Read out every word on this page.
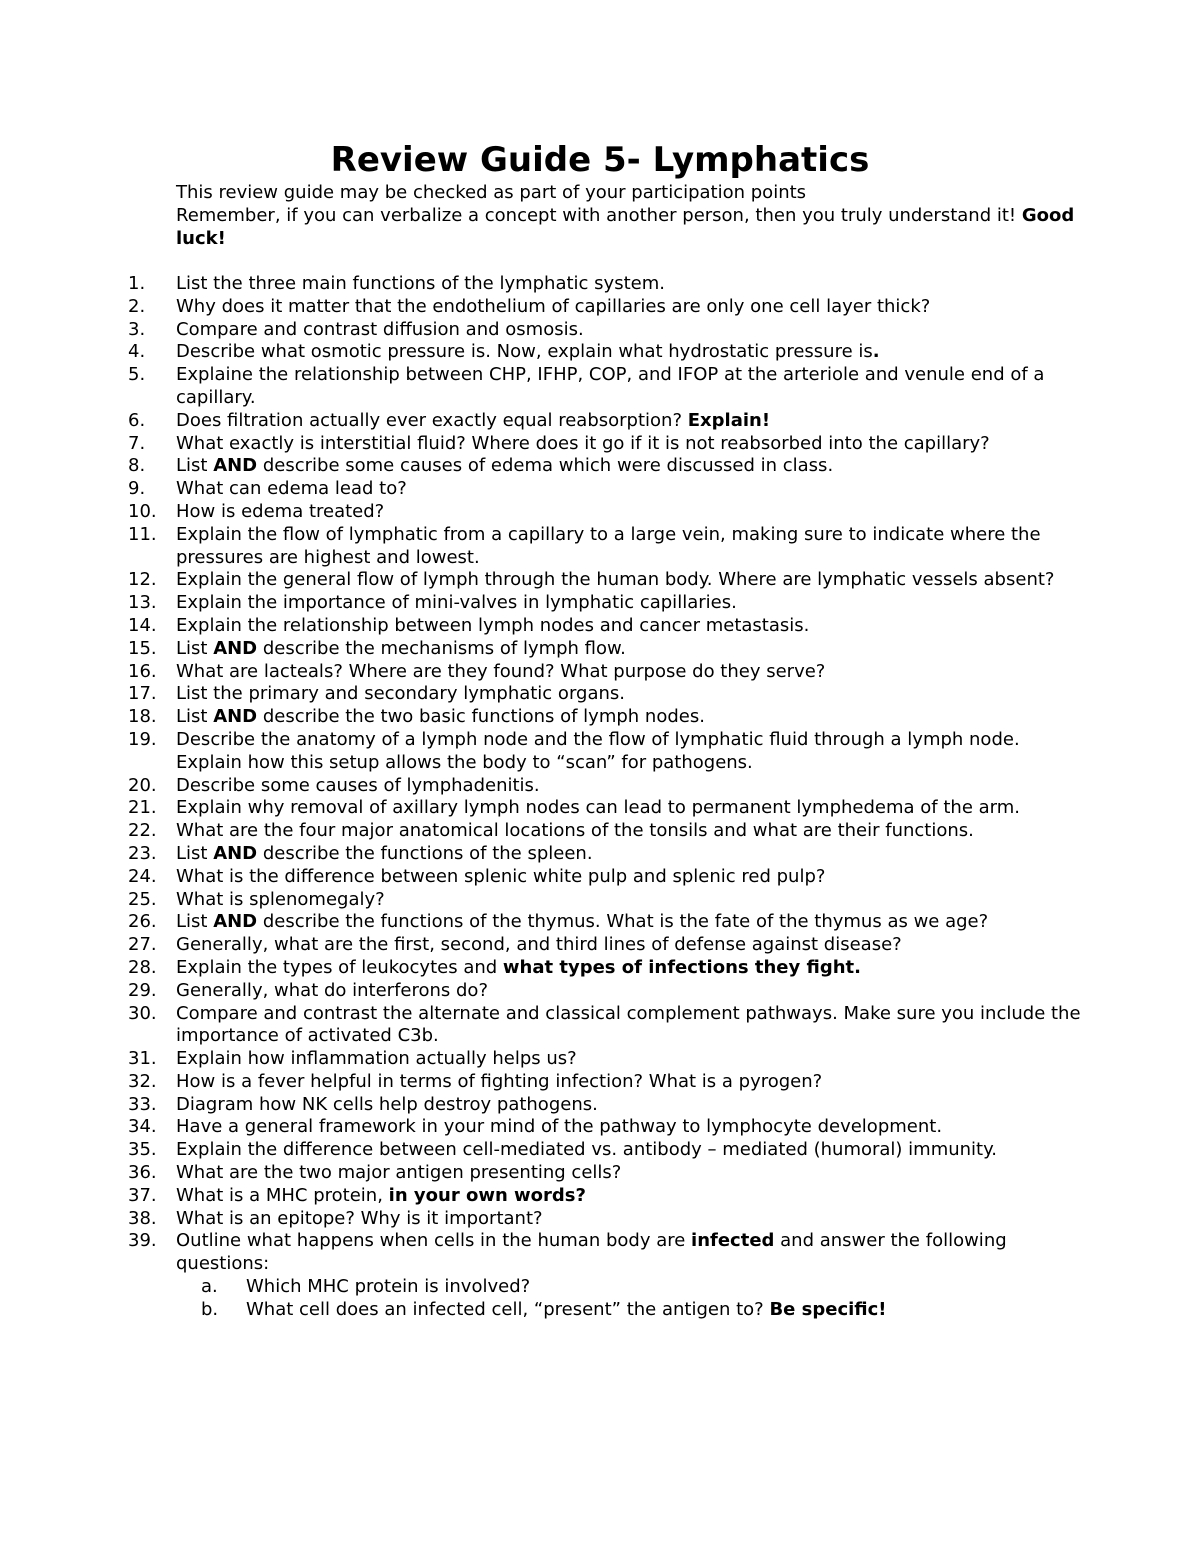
Review Guide 5- Lymphatics

This review guide may be checked as part of your participation points

Remember, if you can verbalize a concept with another person, then you truly understand it! Good luck!

1.	List the three main functions of the lymphatic system.
2.	Why does it matter that the endothelium of capillaries are only one cell layer thick?
3.	Compare and contrast diffusion and osmosis.
4.	Describe what osmotic pressure is. Now, explain what hydrostatic pressure is.
5.	Explaine the relationship between CHP, IFHP, COP, and IFOP at the arteriole and venule end of a capillary.
6.	Does filtration actually ever exactly equal reabsorption? Explain!
7.	What exactly is interstitial fluid? Where does it go if it is not reabsorbed into the capillary?
8.	List AND describe some causes of edema which were discussed in class.
9.	What can edema lead to?
10.	How is edema treated?
11.	Explain the flow of lymphatic from a capillary to a large vein, making sure to indicate where the pressures are highest and lowest.
12.	Explain the general flow of lymph through the human body. Where are lymphatic vessels absent?
13.	Explain the importance of mini-valves in lymphatic capillaries.
14.	Explain the relationship between lymph nodes and cancer metastasis.
15.	List AND describe the mechanisms of lymph flow.
16.	What are lacteals? Where are they found? What purpose do they serve?
17.	List the primary and secondary lymphatic organs.
18.	List AND describe the two basic functions of lymph nodes.
19.	Describe the anatomy of a lymph node and the flow of lymphatic fluid through a lymph node. Explain how this setup allows the body to “scan” for pathogens.
20.	Describe some causes of lymphadenitis.
21.	Explain why removal of axillary lymph nodes can lead to permanent lymphedema of the arm.
22.	What are the four major anatomical locations of the tonsils and what are their functions.
23.	List AND describe the functions of the spleen.
24.	What is the difference between splenic white pulp and splenic red pulp?
25.	What is splenomegaly?
26.	List AND describe the functions of the thymus. What is the fate of the thymus as we age?
27.	Generally, what are the first, second, and third lines of defense against disease?
28.	Explain the types of leukocytes and what types of infections they fight.
29.	Generally, what do interferons do?
30.	Compare and contrast the alternate and classical complement pathways. Make sure you include the importance of activated C3b.
31.	Explain how inflammation actually helps us?
32.	How is a fever helpful in terms of fighting infection? What is a pyrogen?
33.	Diagram how NK cells help destroy pathogens.
34.	Have a general framework in your mind of the pathway to lymphocyte development.
35.	Explain the difference between cell-mediated vs. antibody – mediated (humoral) immunity.
36.	What are the two major antigen presenting cells?
37.	What is a MHC protein, in your own words?
38.	What is an epitope? Why is it important?
39.	Outline what happens when cells in the human body are infected and answer the following questions:
a.	Which MHC protein is involved?
b.	What cell does an infected cell, “present” the antigen to? Be specific!
